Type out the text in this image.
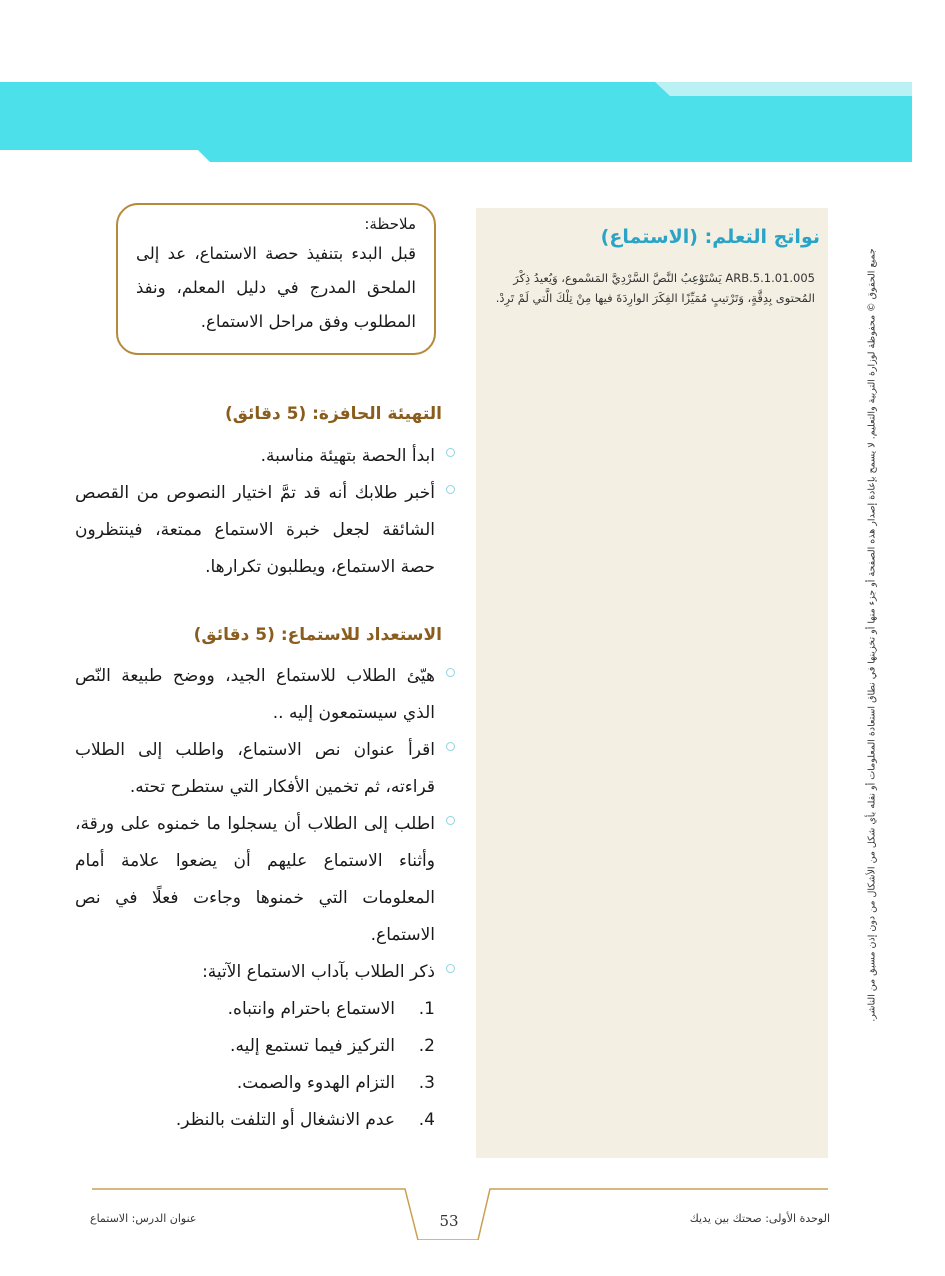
نواتج التعلم: (الاستماع)

ARB.5.1.01.005 يَسْتَوْعِبُ النَّصَّ السَّرْدِيَّ المَسْموع، وَيُعيدُ ذِكْرَ المُحتوى بِدِقَّةٍ، وَتَرْتيبٍ مُمَيِّزًا الفِكَرَ الوارِدَةَ فيها مِنْ تِلْكَ الَّتي لَمْ تَرِدْ.

ملاحظة:

قبل البدء بتنفيذ حصة الاستماع، عد إلى الملحق المدرج في دليل المعلم، ونفذ المطلوب وفق مراحل الاستماع.

التهيئة الحافزة: (5 دقائق)
ابدأ الحصة بتهيئة مناسبة.
أخبر طلابك أنه قد تمَّ اختيار النصوص من القصص الشائقة لجعل خبرة الاستماع ممتعة، فينتظرون حصة الاستماع، ويطلبون تكرارها.
الاستعداد للاستماع: (5 دقائق)
هيّئ الطلاب للاستماع الجيد، ووضح طبيعة النّص الذي سيستمعون إليه ..
اقرأ عنوان نص الاستماع، واطلب إلى الطلاب قراءته، ثم تخمين الأفكار التي ستطرح تحته.
اطلب إلى الطلاب أن يسجلوا ما خمنوه على ورقة، وأثناء الاستماع عليهم أن يضعوا علامة أمام المعلومات التي خمنوها وجاءت فعلًا في نص الاستماع.
ذكر الطلاب بآداب الاستماع الآتية:
1.الاستماع باحترام وانتباه.
2.التركيز فيما تستمع إليه.
3.التزام الهدوء والصمت.
4.عدم الانشغال أو التلفت بالنظر.
جميع الحقوق © محفوظة لوزارة التربية والتعليم. لا يسمح بإعادة إصدار هذه الصفحة أو جزء منها أو تخزينها في نطاق استعادة المعلومات أو نقله بأي شكل من الأشكال من دون إذن مسبق من الناشر.
عنوان الدرس: الاستماع	53	الوحدة الأولى: صحتك بين يديك
